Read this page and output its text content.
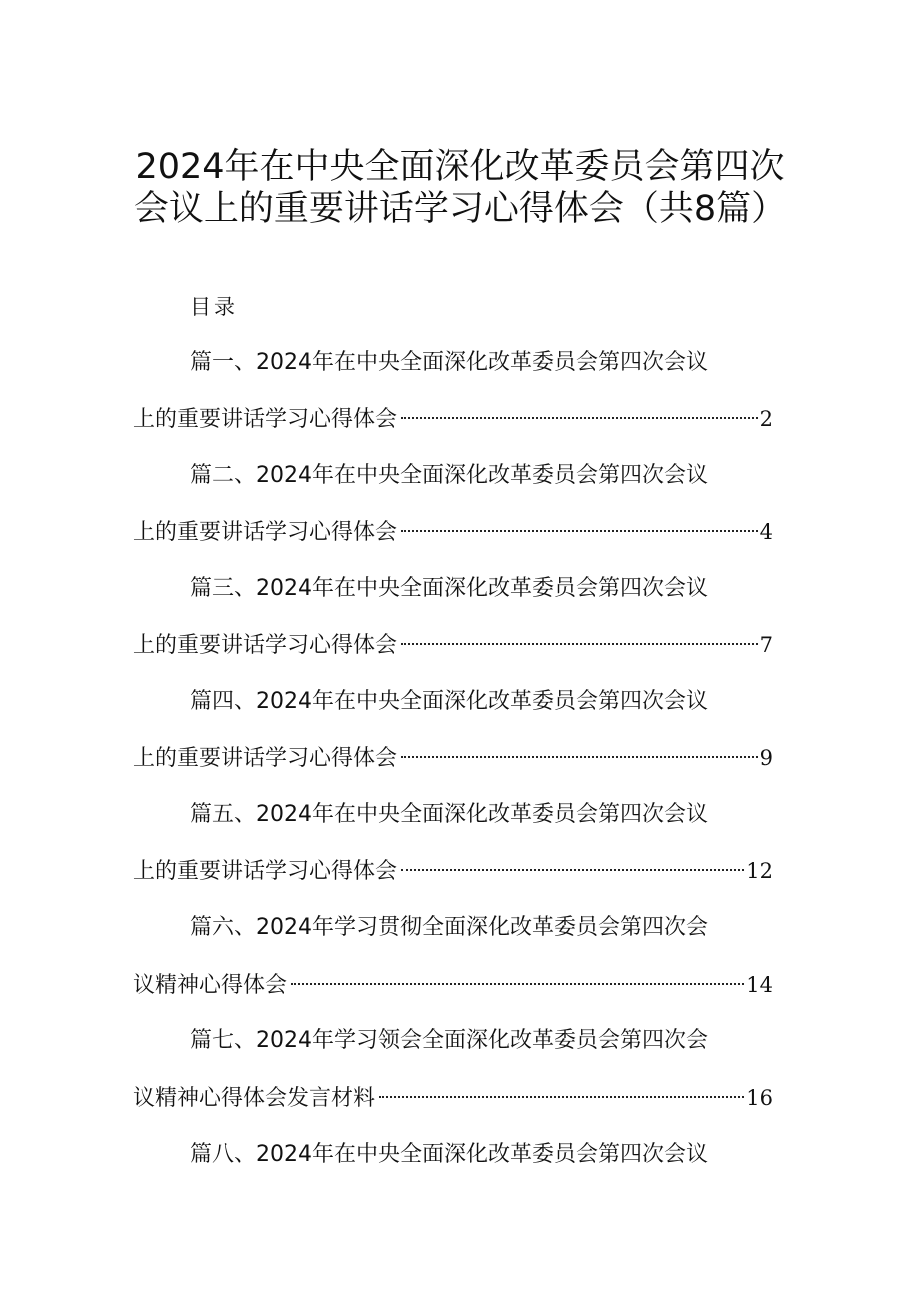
2024年在中央全面深化改革委员会第四次
会议上的重要讲话学习心得体会（共8篇）
目录
篇一、2024年在中央全面深化改革委员会第四次会议
上的重要讲话学习心得体会	2
篇二、2024年在中央全面深化改革委员会第四次会议
上的重要讲话学习心得体会	4
篇三、2024年在中央全面深化改革委员会第四次会议
上的重要讲话学习心得体会	7
篇四、2024年在中央全面深化改革委员会第四次会议
上的重要讲话学习心得体会	9
篇五、2024年在中央全面深化改革委员会第四次会议
上的重要讲话学习心得体会	12
篇六、2024年学习贯彻全面深化改革委员会第四次会
议精神心得体会	14
篇七、2024年学习领会全面深化改革委员会第四次会
议精神心得体会发言材料	16
篇八、2024年在中央全面深化改革委员会第四次会议
